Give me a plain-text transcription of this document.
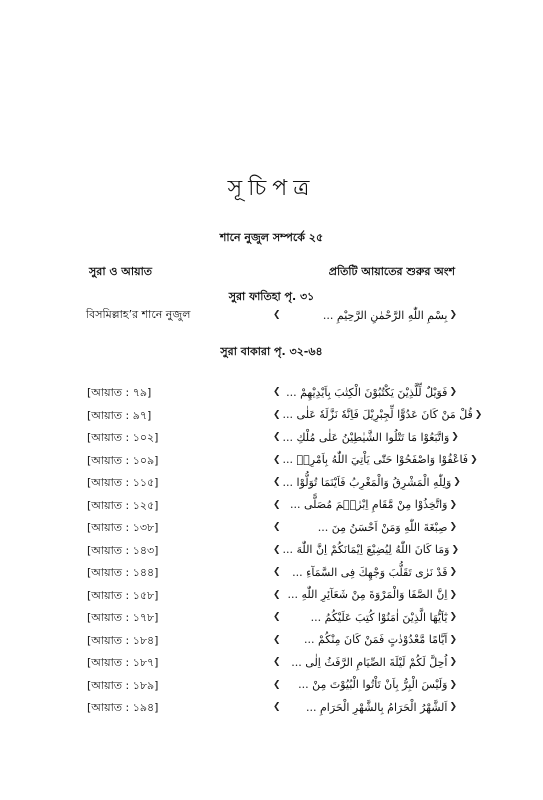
সূচিপত্র
শানে নুজুল সম্পর্কে ২৫
সুরা ও আয়াত	প্রতিটি আয়াতের শুরুর অংশ
সুরা ফাতিহা পৃ. ৩১
বিসমিল্লাহ’র শানে নুজুল	❮	بِسْمِ اللّٰهِ الرَّحْمٰنِ الرَّحِيْمِ ... ❯
সুরা বাকারা পৃ. ৩২-৬৪
[আয়াত : ৭৯]	❮ فَوَيْلٌ لِّلَّذِيْنَ يَكْتُبُوْنَ الْكِتٰبَ بِاَيْدِيْهِمْ ... ❯
[আয়াত : ৯৭]	❮ قُلْ مَنْ كَانَ عَدُوًّا لِّجِبْرِيْلَ فَاِنَّهٗ نَزَّلَهٗ عَلٰى ... ❯
[আয়াত : ১০২]	❮ وَاتَّبَعُوْا مَا تَتْلُوا الشَّيٰطِيْنُ عَلٰى مُلْكِ ... ❯
[আয়াত : ১০৯]	❮ فَاعْفُوْا وَاصْفَحُوْا حَتّٰى يَاْتِيَ اللّٰهُ بِاَمْرِهٖ ... ❯
[আয়াত : ১১৫]	❮ وَلِلّٰهِ الْمَشْرِقُ وَالْمَغْرِبُ فَاَيْنَمَا تُوَلُّوْا ... ❯
[আয়াত : ১২৫]	❮ وَاتَّخِذُوْا مِنْ مَّقَامِ اِبْرٰهٖمَ مُصَلًّى ... ❯
[আয়াত : ১৩৮]	❮	صِبْغَةَ اللّٰهِ وَمَنْ اَحْسَنُ مِنَ ... ❯
[আয়াত : ১৪৩]	❮ وَمَا كَانَ اللّٰهُ لِيُضِيْعَ اِيْمَانَكُمْ اِنَّ اللّٰهَ ... ❯
[আয়াত : ১৪৪]	❮	قَدْ نَرٰى تَقَلُّبَ وَجْهِكَ فِى السَّمَآءِ ... ❯
[আয়াত : ১৫৮]	❮ اِنَّ الصَّفَا وَالْمَرْوَةَ مِنْ شَعَآئِرِ اللّٰهِ ... ❯
[আয়াত : ১৭৮]	❮	يٰٓاَيُّهَا الَّذِيْنَ اٰمَنُوْا كُتِبَ عَلَيْكُمُ ... ❯
[আয়াত : ১৮৪]	❮	اَيَّامًا مَّعْدُوْدٰتٍ فَمَنْ كَانَ مِنْكُمْ ... ❯
[আয়াত : ১৮৭]	❮ اُحِلَّ لَكُمْ لَيْلَةَ الصِّيَامِ الرَّفَثُ اِلٰى ... ❯
[আয়াত : ১৮৯]	❮	وَلَيْسَ الْبِرُّ بِاَنْ تَاْتُوا الْبُيُوْتَ مِنْ ... ❯
[আয়াত : ১৯৪]	❮	اَلشَّهْرُ الْحَرَامُ بِالشَّهْرِ الْحَرَامِ ... ❯
